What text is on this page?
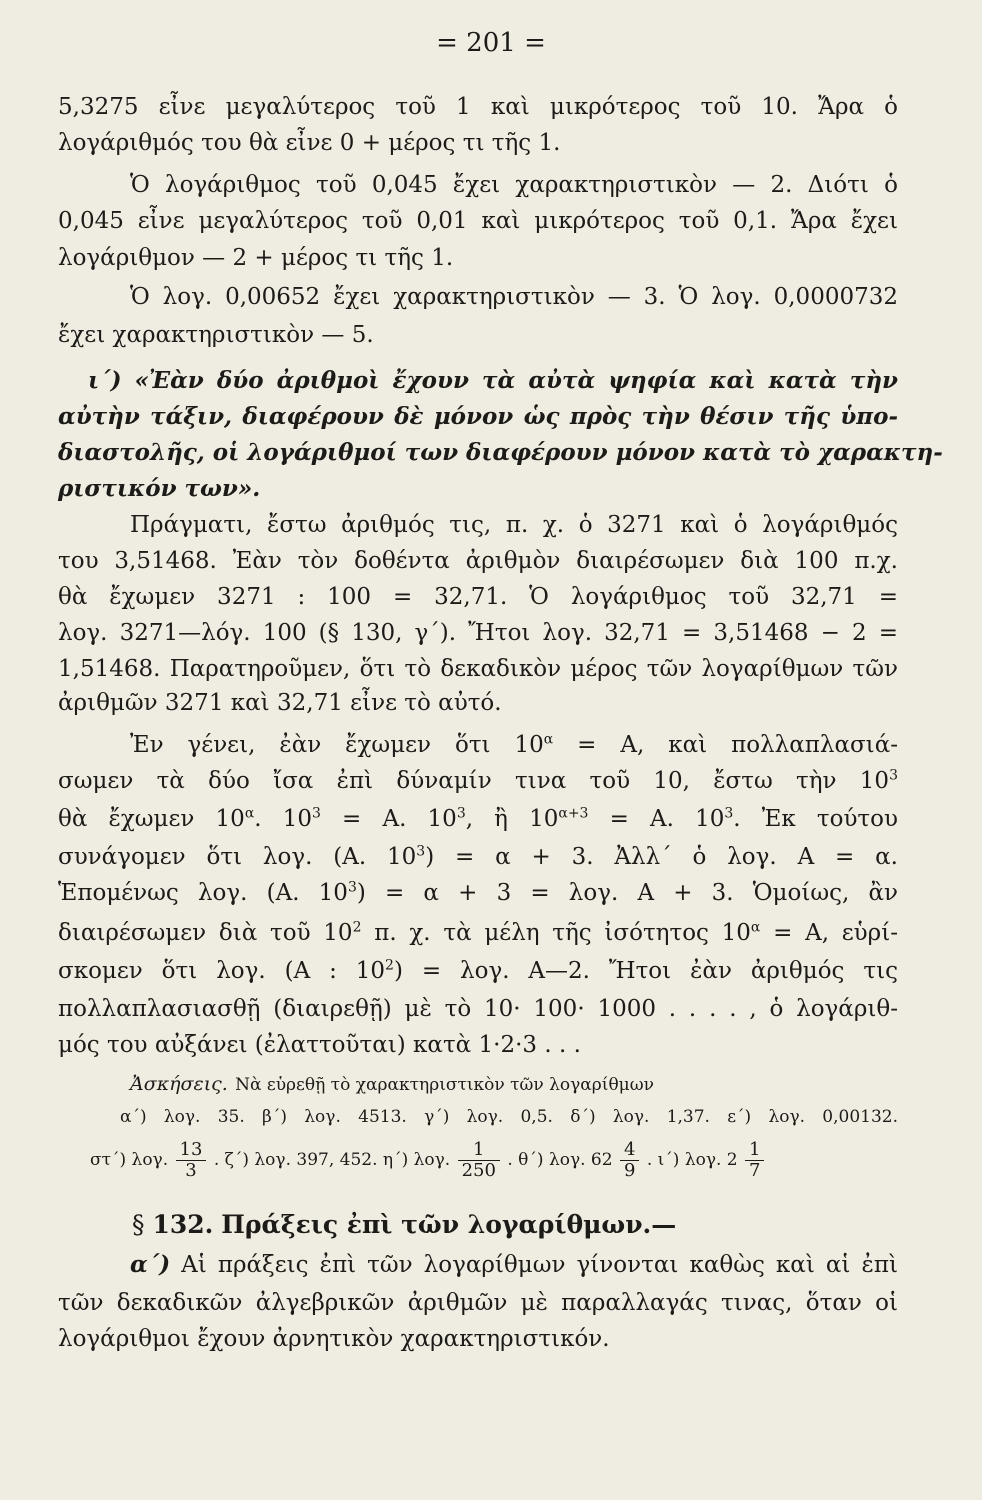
= 201 =
5,3275 εἶνε μεγαλύτερος τοῦ 1 καὶ μικρότερος τοῦ 10. Ἄρα ὁ
λογάριθμός του θὰ εἶνε 0 + μέρος τι τῆς 1.
Ὁ λογάριθμος τοῦ 0,045 ἔχει χαρακτηριστικὸν — 2. Διότι ὁ
0,045 εἶνε μεγαλύτερος τοῦ 0,01 καὶ μικρότερος τοῦ 0,1. Ἄρα ἔχει
λογάριθμον — 2 + μέρος τι τῆς 1.
Ὁ λογ. 0,00652 ἔχει χαρακτηριστικὸν — 3. Ὁ λογ. 0,0000732
ἔχει χαρακτηριστικὸν — 5.
ι΄) «Ἐὰν δύο ἀριθμοὶ ἔχουν τὰ αὐτὰ ψηφία καὶ κατὰ τὴν
αὐτὴν τάξιν, διαφέρουν δὲ μόνον ὡς πρὸς τὴν θέσιν τῆς ὑπο-
διαστολῆς, οἱ λογάριθμοί των διαφέρουν μόνον κατὰ τὸ χαρακτη-
ριστικόν των».
Πράγματι, ἔστω ἀριθμός τις, π. χ. ὁ 3271 καὶ ὁ λογάριθμός
του 3,51468. Ἐὰν τὸν δοθέντα ἀριθμὸν διαιρέσωμεν διὰ 100 π.χ.
θὰ ἔχωμεν 3271 : 100 = 32,71. Ὁ λογάριθμος τοῦ 32,71 =
λογ. 3271—λόγ. 100 (§ 130, γ΄). Ἤτοι λογ. 32,71 = 3,51468 − 2 =
1,51468. Παρατηροῦμεν, ὅτι τὸ δεκαδικὸν μέρος τῶν λογαρίθμων τῶν
ἀριθμῶν 3271 καὶ 32,71 εἶνε τὸ αὐτό.
Ἐν γένει, ἐὰν ἔχωμεν ὅτι $10^\alpha = A$, καὶ πολλαπλασιά-
σωμεν τὰ δύο ἴσα ἐπὶ δύναμίν τινα τοῦ 10, ἔστω τὴν $10^3$
θὰ ἔχωμεν $10^\alpha$. $10^3 = A$. $10^3$, ἢ $10^{\alpha+3} = A$. $10^3$. Ἐκ τούτου
συνάγομεν ὅτι λογ. (Α. $10^3) = \alpha + 3$. Ἀλλ΄ ὁ λογ. Α = α.
Ἑπομένως λογ. (Α. $10^3) = \alpha + 3 = \lambda o\gamma$. Α + 3. Ὁμοίως, ἂν
διαιρέσωμεν διὰ τοῦ $10^2$ π. χ. τὰ μέλη τῆς ἰσότητος $10^\alpha = A$, εὑρί-
σκομεν ὅτι λογ. (Α : $10^2) = \lambda o\gamma$. Α—2. Ἤτοι ἐὰν ἀριθμός τις
πολλαπλασιασθῇ (διαιρεθῇ) μὲ τὸ 10· 100· 1000 . . . . , ὁ λογάριθ-
μός του αὐξάνει (ἐλαττοῦται) κατὰ 1·2·3 . . .
Ἀσκήσεις. Νὰ εὑρεθῇ τὸ χαρακτηριστικὸν τῶν λογαρίθμων
α΄) λογ. 35. β΄) λογ. 4513. γ΄) λογ. 0,5. δ΄) λογ. 1,37. ε΄) λογ. 0,00132.
στ΄) λογ. $\frac{13}{3}$ . ζ΄) λογ. 397, 452. η΄) λογ. $\frac{1}{250}$ . θ΄) λογ. $62 \frac{4}{9}$ . ι΄) λογ. $2 \frac{1}{7}$
§ 132. Πράξεις ἐπὶ τῶν λογαρίθμων.—
α΄) Αἱ πράξεις ἐπὶ τῶν λογαρίθμων γίνονται καθὼς καὶ αἱ ἐπὶ
τῶν δεκαδικῶν ἀλγεβρικῶν ἀριθμῶν μὲ παραλλαγάς τινας, ὅταν οἱ
λογάριθμοι ἔχουν ἀρνητικὸν χαρακτηριστικόν.
